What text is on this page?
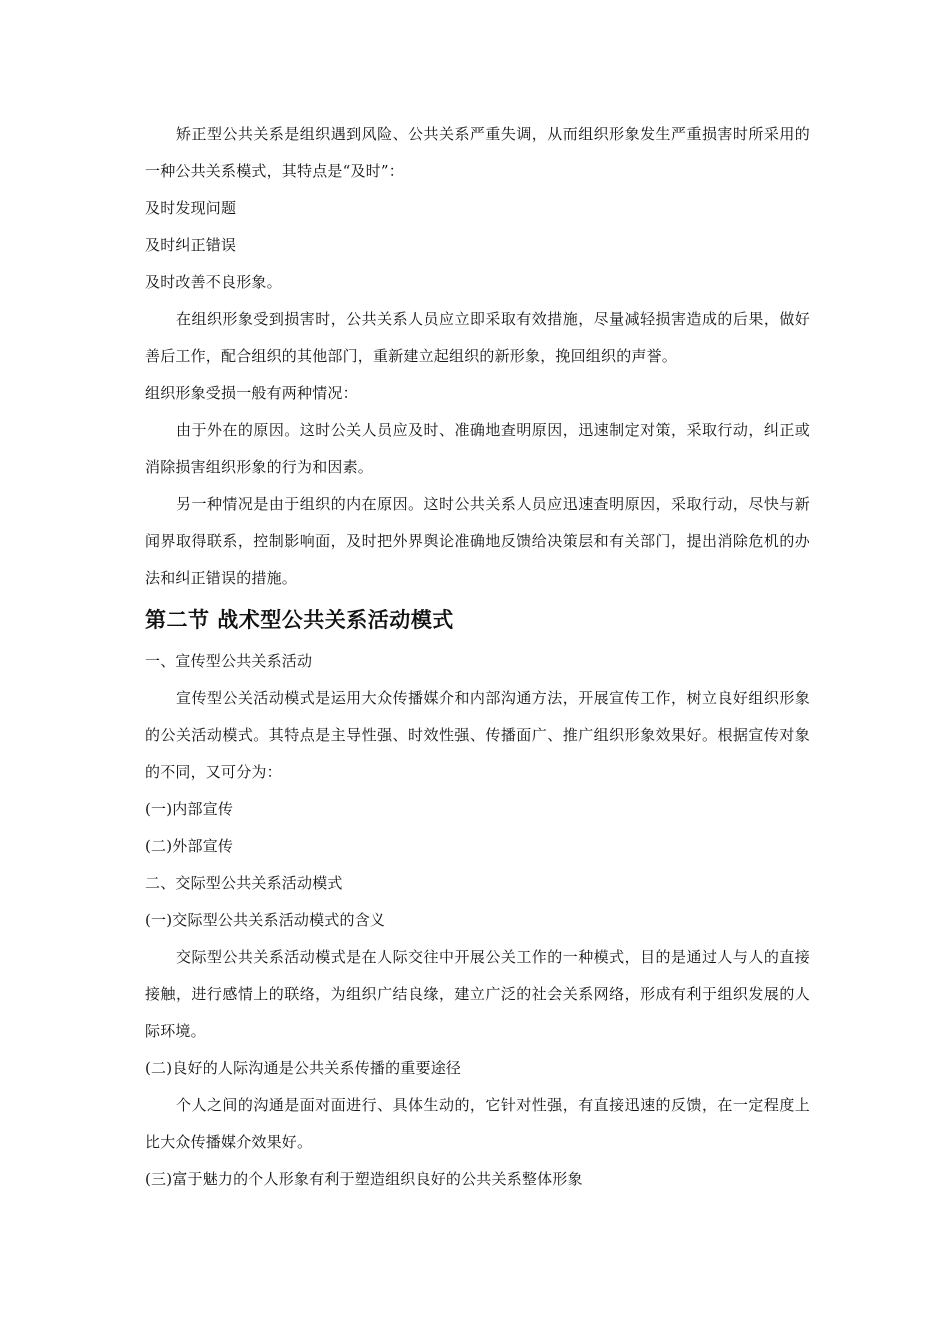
矫正型公共关系是组织遇到风险、公共关系严重失调，从而组织形象发生严重损害时所采用的一种公共关系模式，其特点是“及时”：

及时发现问题

及时纠正错误

及时改善不良形象。

在组织形象受到损害时，公共关系人员应立即采取有效措施，尽量减轻损害造成的后果，做好善后工作，配合组织的其他部门，重新建立起组织的新形象，挽回组织的声誉。

组织形象受损一般有两种情况：

由于外在的原因。这时公关人员应及时、准确地查明原因，迅速制定对策，采取行动，纠正或消除损害组织形象的行为和因素。

另一种情况是由于组织的内在原因。这时公共关系人员应迅速查明原因，采取行动，尽快与新闻界取得联系，控制影响面，及时把外界舆论准确地反馈给决策层和有关部门，提出消除危机的办法和纠正错误的措施。

第二节 战术型公共关系活动模式

一、宣传型公共关系活动

宣传型公关活动模式是运用大众传播媒介和内部沟通方法，开展宣传工作，树立良好组织形象的公关活动模式。其特点是主导性强、时效性强、传播面广、推广组织形象效果好。根据宣传对象的不同，又可分为：

(一)内部宣传

(二)外部宣传

二、交际型公共关系活动模式

(一)交际型公共关系活动模式的含义

交际型公共关系活动模式是在人际交往中开展公关工作的一种模式，目的是通过人与人的直接接触，进行感情上的联络，为组织广结良缘，建立广泛的社会关系网络，形成有利于组织发展的人际环境。

(二)良好的人际沟通是公共关系传播的重要途径

个人之间的沟通是面对面进行、具体生动的，它针对性强，有直接迅速的反馈，在一定程度上比大众传播媒介效果好。

(三)富于魅力的个人形象有利于塑造组织良好的公共关系整体形象
